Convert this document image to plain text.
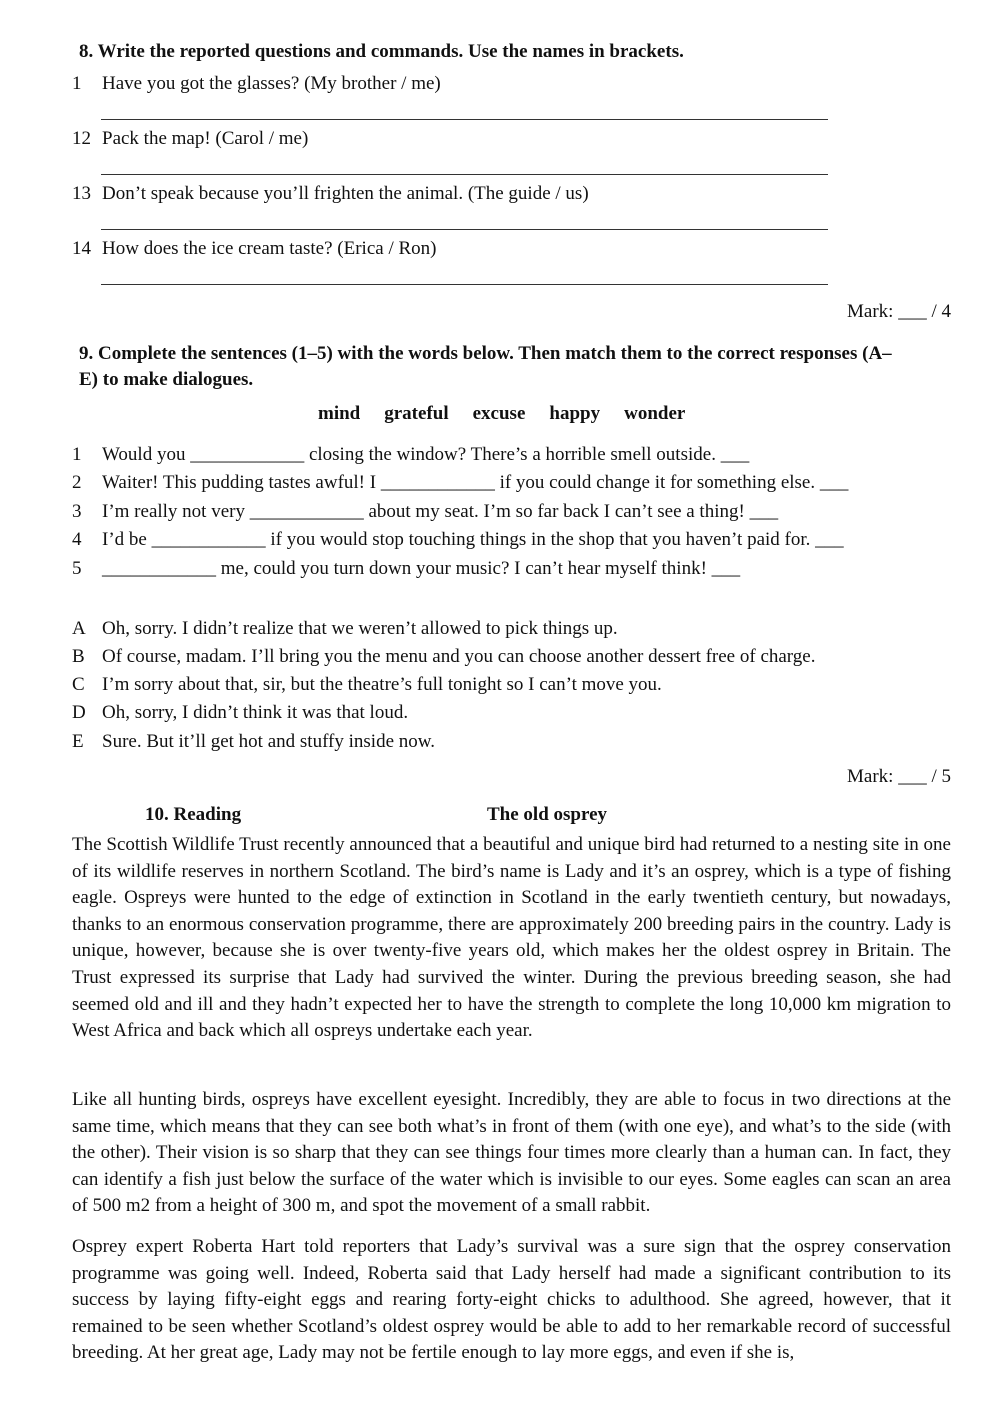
8. Write the reported questions and commands. Use the names in brackets.
1	Have you got the glasses? (My brother / me)
12 Pack the map! (Carol / me)
13 Don’t speak because you’ll frighten the animal. (The guide / us)
14 How does the ice cream taste? (Erica / Ron)
Mark: ___ / 4
9. Complete the sentences (1–5) with the words below. Then match them to the correct responses (A–
E) to make dialogues.
mind grateful excuse happy wonder
1	Would you ____________ closing the window? There’s a horrible smell outside. ___
2	Waiter! This pudding tastes awful! I ____________ if you could change it for something else. ___
3	I’m really not very ____________ about my seat. I’m so far back I can’t see a thing! ___
4	I’d be ____________ if you would stop touching things in the shop that you haven’t paid for. ___
5	____________ me, could you turn down your music? I can’t hear myself think! ___
A Oh, sorry. I didn’t realize that we weren’t allowed to pick things up.
B Of course, madam. I’ll bring you the menu and you can choose another dessert free of charge.
C I’m sorry about that, sir, but the theatre’s full tonight so I can’t move you.
D Oh, sorry, I didn’t think it was that loud.
E Sure. But it’ll get hot and stuffy inside now.
Mark: ___ / 5
10. Reading	The old osprey
The Scottish Wildlife Trust recently announced that a beautiful and unique bird had returned to a nesting site in one of its wildlife reserves in northern Scotland. The bird’s name is Lady and it’s an osprey, which is a type of fishing eagle. Ospreys were hunted to the edge of extinction in Scotland in the early twentieth century, but nowadays, thanks to an enormous conservation programme, there are approximately 200 breeding pairs in the country. Lady is unique, however, because she is over twenty-five years old, which makes her the oldest osprey in Britain. The Trust expressed its surprise that Lady had survived the winter. During the previous breeding season, she had seemed old and ill and they hadn’t expected her to have the strength to complete the long 10,000 km migration to West Africa and back which all ospreys undertake each year.
Like all hunting birds, ospreys have excellent eyesight. Incredibly, they are able to focus in two directions at the same time, which means that they can see both what’s in front of them (with one eye), and what’s to the side (with the other). Their vision is so sharp that they can see things four times more clearly than a human can. In fact, they can identify a fish just below the surface of the water which is invisible to our eyes. Some eagles can scan an area of 500 m2 from a height of 300 m, and spot the movement of a small rabbit.
Osprey expert Roberta Hart told reporters that Lady’s survival was a sure sign that the osprey conservation programme was going well. Indeed, Roberta said that Lady herself had made a significant contribution to its success by laying fifty-eight eggs and rearing forty-eight chicks to adulthood. She agreed, however, that it remained to be seen whether Scotland’s oldest osprey would be able to add to her remarkable record of successful breeding. At her great age, Lady may not be fertile enough to lay more eggs, and even if she is,
